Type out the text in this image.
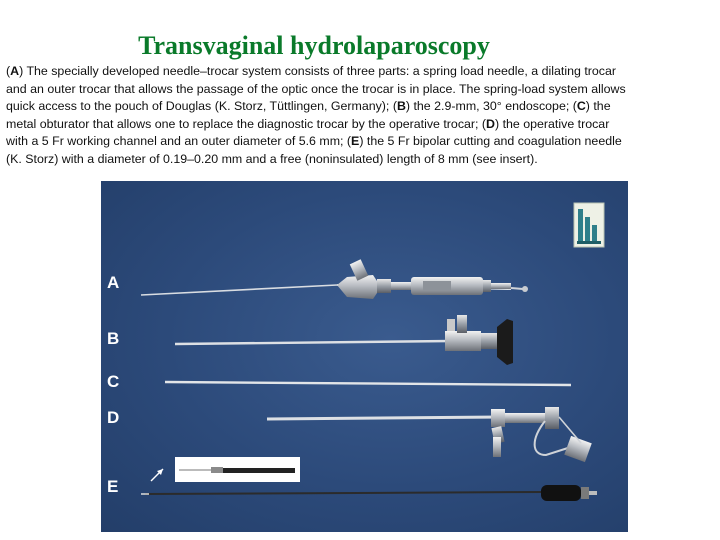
Transvaginal hydrolaparoscopy
(A) The specially developed needle–trocar system consists of three parts: a spring load needle, a dilating trocar
and an outer trocar that allows the passage of the optic once the trocar is in place. The spring-load system allows
quick access to the pouch of Douglas (K. Storz, Tüttlingen, Germany); (B) the 2.9-mm, 30° endoscope; (C) the
metal obturator that allows one to replace the diagnostic trocar by the operative trocar; (D) the operative trocar
with a 5 Fr working channel and an outer diameter of 5.6 mm; (E) the 5 Fr bipolar cutting and coagulation needle
(K. Storz) with a diameter of 0.19–0.20 mm and a free (noninsulated) length of 8 mm (see insert).
A
B
C
D
E
